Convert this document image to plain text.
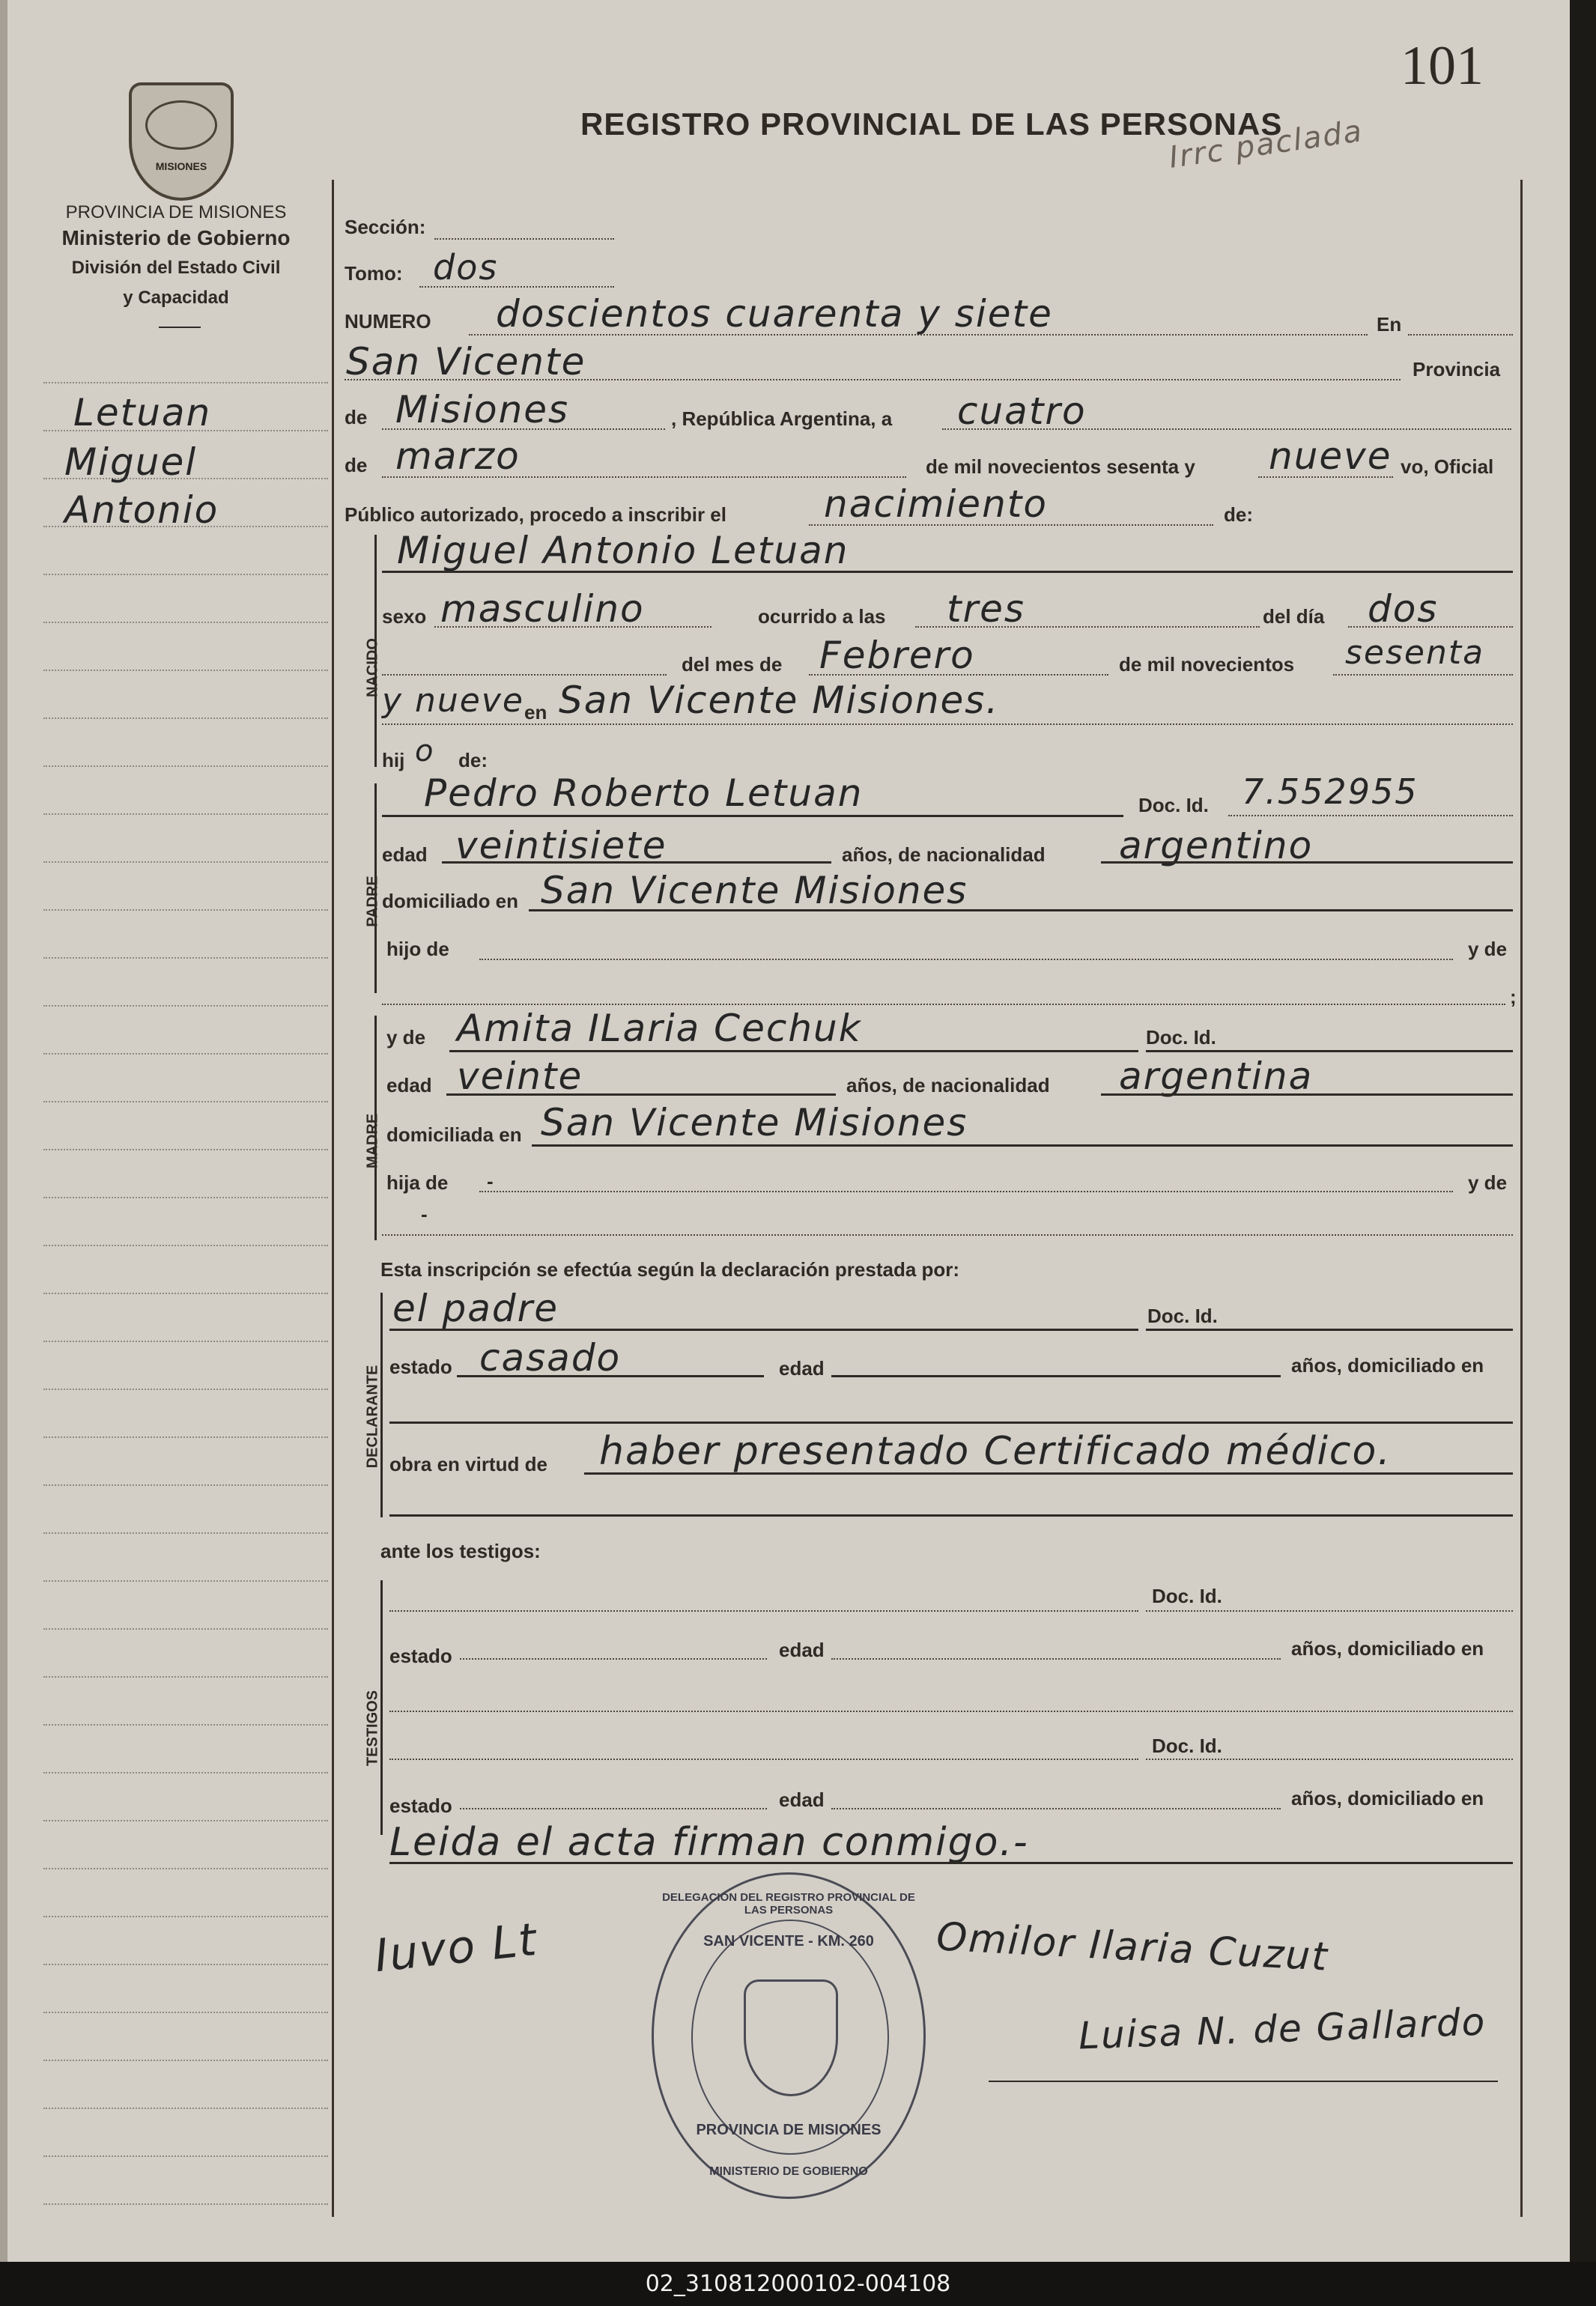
101
REGISTRO PROVINCIAL DE LAS PERSONAS
Irrc paclada
MISIONES
PROVINCIA DE MISIONES
Ministerio de Gobierno
División del Estado Civil
y Capacidad
Letuan
Miguel
Antonio
Sección:
Tomo: dos
NUMERO doscientos cuarenta y siete	En
San Vicente	Provincia
de Misiones	, República Argentina, a cuatro
de marzo	de mil novecientos sesenta y nueve vo, Oficial
Público autorizado, procedo a inscribir el	nacimiento	de:
NACIDO
Miguel Antonio Letuan
sexo masculino	ocurrido a las tres	del día dos
del mes de Febrero	de mil novecientos sesenta
y nueve en San Vicente Misiones.
hij o de:
PADRE
Pedro Roberto Letuan	Doc. Id. 7.552955
edad veintisiete	años, de nacionalidad argentino
domiciliado en San Vicente Misiones
hijo de	y de
;
MADRE
y de Amita ILaria Cechuk	Doc. Id.
edad veinte	años, de nacionalidad argentina
domiciliada en San Vicente Misiones
hija de -	y de
-
Esta inscripción se efectúa según la declaración prestada por:
DECLARANTE
el padre	Doc. Id.
estado casado	edad	años, domiciliado en
obra en virtud de haber presentado Certificado médico.
ante los testigos:
TESTIGOS
Doc. Id.
estado	edad	años, domiciliado en
Doc. Id.
estado	edad	años, domiciliado en
Leida el acta firman conmigo.-
Iuvo Lt	Omilor Ilaria Cuzut
Luisa N. de Gallardo
DELEGACION DEL REGISTRO PROVINCIAL DE LAS PERSONAS
SAN VICENTE - KM. 260
PROVINCIA DE MISIONES
MINISTERIO DE GOBIERNO
02_310812000102-004108
